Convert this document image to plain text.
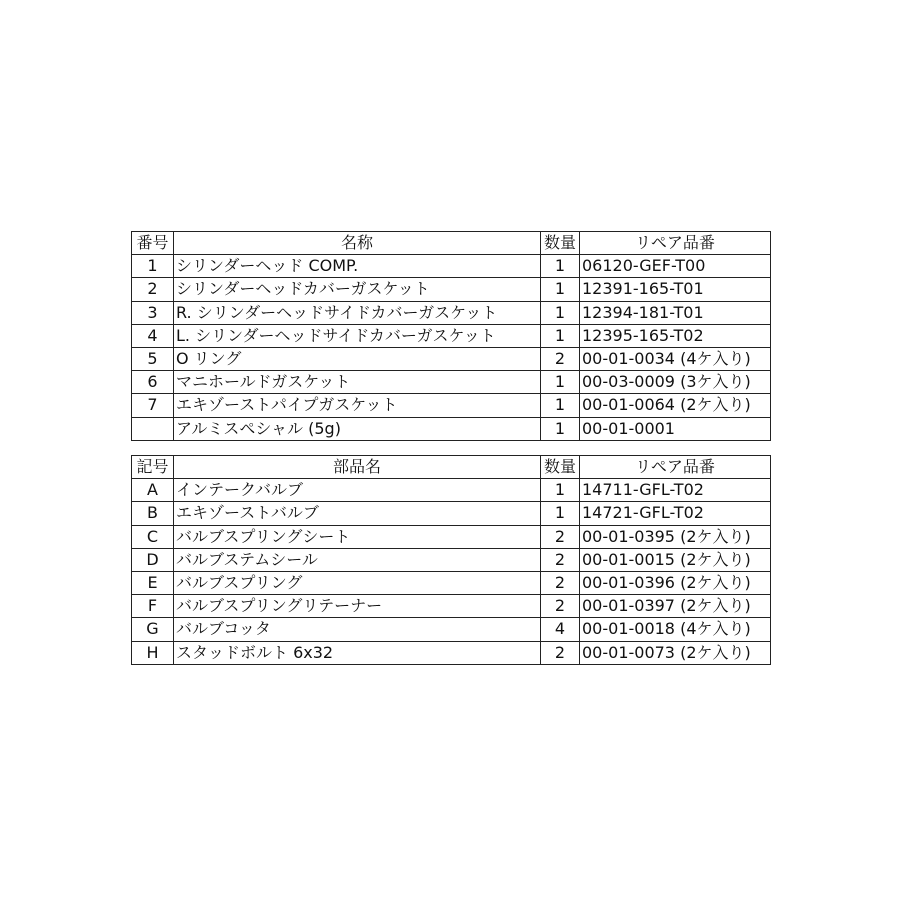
番号	名称	数量	リペア品番
1	シリンダーヘッド COMP.	1	06120-GEF-T00
2	シリンダーヘッドカバーガスケット	1	12391-165-T01
3	R. シリンダーヘッドサイドカバーガスケット	1	12394-181-T01
4	L. シリンダーヘッドサイドカバーガスケット	1	12395-165-T02
5	O リング	2	00-01-0034 (4ケ入り)
6	マニホールドガスケット	1	00-03-0009 (3ケ入り)
7	エキゾーストパイプガスケット	1	00-01-0064 (2ケ入り)
	アルミスペシャル (5g)	1	00-01-0001
記号	部品名	数量	リペア品番
A	インテークバルブ	1	14711-GFL-T02
B	エキゾーストバルブ	1	14721-GFL-T02
C	バルブスプリングシート	2	00-01-0395 (2ケ入り)
D	バルブステムシール	2	00-01-0015 (2ケ入り)
E	バルブスプリング	2	00-01-0396 (2ケ入り)
F	バルブスプリングリテーナー	2	00-01-0397 (2ケ入り)
G	バルブコッタ	4	00-01-0018 (4ケ入り)
H	スタッドボルト 6x32	2	00-01-0073 (2ケ入り)
